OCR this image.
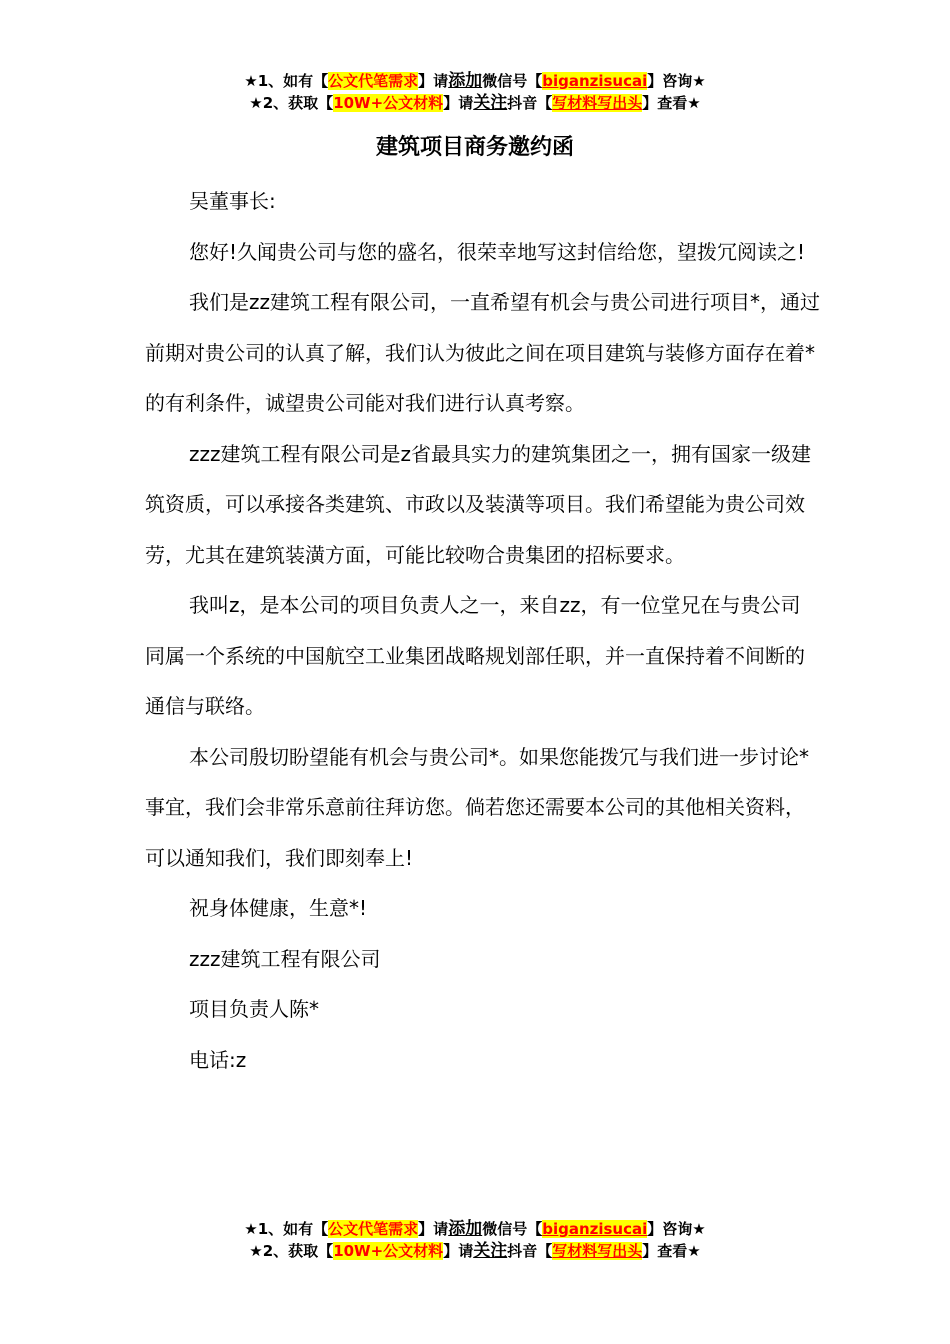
★1、如有【公文代笔需求】请添加微信号【biganzisucai】咨询★
★2、获取【10W+公文材料】请关注抖音【写材料写出头】查看★
建筑项目商务邀约函

吴董事长:

您好!久闻贵公司与您的盛名，很荣幸地写这封信给您，望拨冗阅读之!

我们是zz建筑工程有限公司，一直希望有机会与贵公司进行项目*，通过前期对贵公司的认真了解，我们认为彼此之间在项目建筑与装修方面存在着*的有利条件，诚望贵公司能对我们进行认真考察。

zzz建筑工程有限公司是z省最具实力的建筑集团之一，拥有国家一级建筑资质，可以承接各类建筑、市政以及装潢等项目。我们希望能为贵公司效劳，尤其在建筑装潢方面，可能比较吻合贵集团的招标要求。

我叫z，是本公司的项目负责人之一，来自zz，有一位堂兄在与贵公司同属一个系统的中国航空工业集团战略规划部任职，并一直保持着不间断的通信与联络。

本公司殷切盼望能有机会与贵公司*。如果您能拨冗与我们进一步讨论*事宜，我们会非常乐意前往拜访您。倘若您还需要本公司的其他相关资料，可以通知我们，我们即刻奉上!

祝身体健康，生意*!

zzz建筑工程有限公司

项目负责人陈*

电话:z

★1、如有【公文代笔需求】请添加微信号【biganzisucai】咨询★
★2、获取【10W+公文材料】请关注抖音【写材料写出头】查看★
